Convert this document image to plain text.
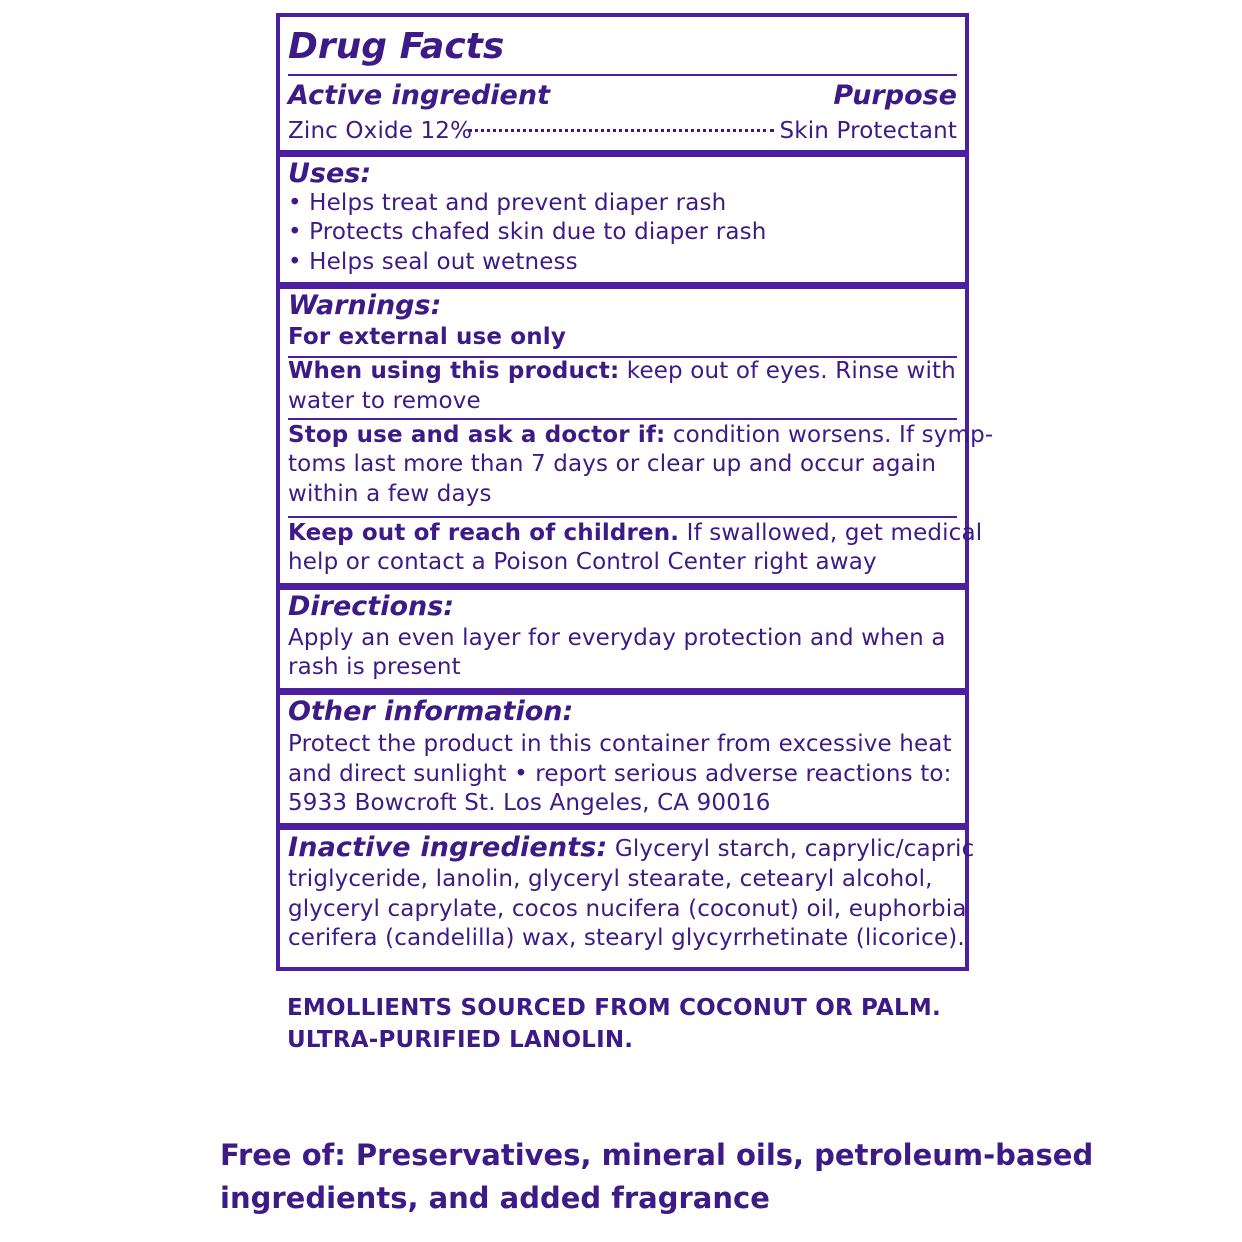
Drug Facts
Active ingredient	Purpose
Zinc Oxide 12%	Skin Protectant
Uses:
• Helps treat and prevent diaper rash
• Protects chafed skin due to diaper rash
• Helps seal out wetness
Warnings:
For external use only
When using this product: keep out of eyes. Rinse with
water to remove
Stop use and ask a doctor if: condition worsens. If symp-
toms last more than 7 days or clear up and occur again
within a few days
Keep out of reach of children. If swallowed, get medical
help or contact a Poison Control Center right away
Directions:
Apply an even layer for everyday protection and when a
rash is present
Other information:
Protect the product in this container from excessive heat
and direct sunlight • report serious adverse reactions to:
5933 Bowcroft St. Los Angeles, CA 90016
Inactive ingredients: Glyceryl starch, caprylic/capric
triglyceride, lanolin, glyceryl stearate, cetearyl alcohol,
glyceryl caprylate, cocos nucifera (coconut) oil, euphorbia
cerifera (candelilla) wax, stearyl glycyrrhetinate (licorice).
EMOLLIENTS SOURCED FROM COCONUT OR PALM.
ULTRA-PURIFIED LANOLIN.
Free of: Preservatives, mineral oils, petroleum-based
ingredients, and added fragrance
